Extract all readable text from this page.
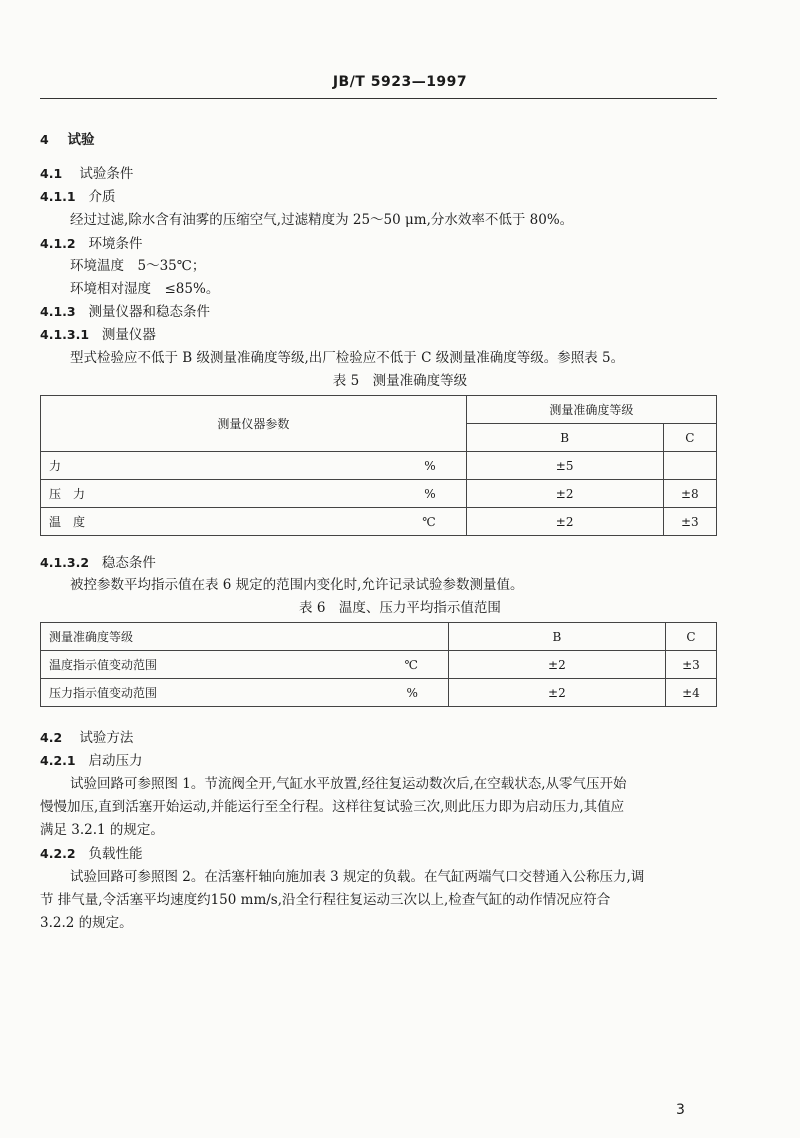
JB/T 5923—1997
4 试验
4.1 试验条件
4.1.1 介质
经过过滤,除水含有油雾的压缩空气,过滤精度为 25～50 μm,分水效率不低于 80%。
4.1.2 环境条件
环境温度　5～35℃；
环境相对湿度　≤85%。
4.1.3 测量仪器和稳态条件
4.1.3.1 测量仪器
型式检验应不低于 B 级测量准确度等级,出厂检验应不低于 C 级测量准确度等级。参照表 5。
表 5　测量准确度等级
测量仪器参数		测量准确度等级	
		B	C
力	%	±5	
压　力	%	±2	±8
温　度	℃	±2	±3
4.1.3.2 稳态条件
被控参数平均指示值在表 6 规定的范围内变化时,允许记录试验参数测量值。
表 6　温度、压力平均指示值范围
测量准确度等级		B	C
温度指示值变动范围	℃	±2	±3
压力指示值变动范围	%	±2	±4
4.2 试验方法
4.2.1 启动压力
试验回路可参照图 1。节流阀全开,气缸水平放置,经往复运动数次后,在空载状态,从零气压开始
慢慢加压,直到活塞开始运动,并能运行至全行程。这样往复试验三次,则此压力即为启动压力,其值应
满足 3.2.1 的规定。
4.2.2 负载性能
试验回路可参照图 2。在活塞杆轴向施加表 3 规定的负载。在气缸两端气口交替通入公称压力,调
节 排气量,令活塞平均速度约150 mm/s,沿全行程往复运动三次以上,检查气缸的动作情况应符合
3.2.2 的规定。
3
